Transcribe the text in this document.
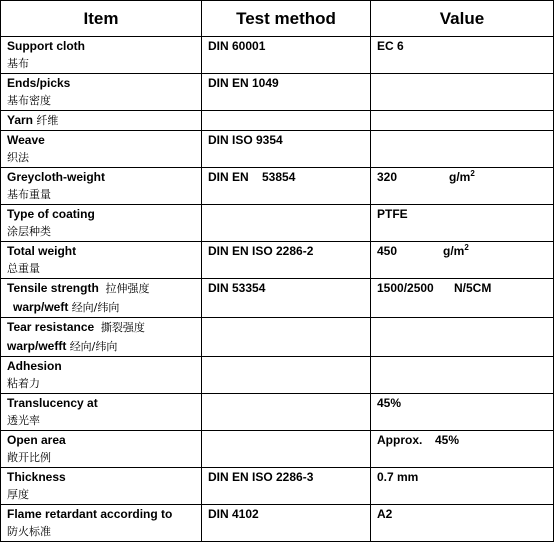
Item	Test method	Value

Support cloth
基布	DIN 60001	EC 6

Ends/picks
基布密度	DIN EN 1049	
Yarn 纤维		

Weave
织法	DIN ISO 9354	

Greycloth-weight
基布重量	DIN EN    53854	320 $g/m^2$

Type of coating
涂层种类		PTFE

Total weight
总重量	DIN EN ISO 2286-2	450 $g/m^2$

Tensile strength 拉伸强度
warp/weft 经向/纬向	DIN 53354	1500/2500 N/5CM

Tear resistance 撕裂强度
warp/wefft 经向/纬向		

Adhesion
粘着力		

Translucency at
透光率		45%

Open area
敞开比例		Approx. 45%

Thickness
厚度	DIN EN ISO 2286-3	0.7 mm

Flame retardant according to
防火标准	DIN 4102	A2
